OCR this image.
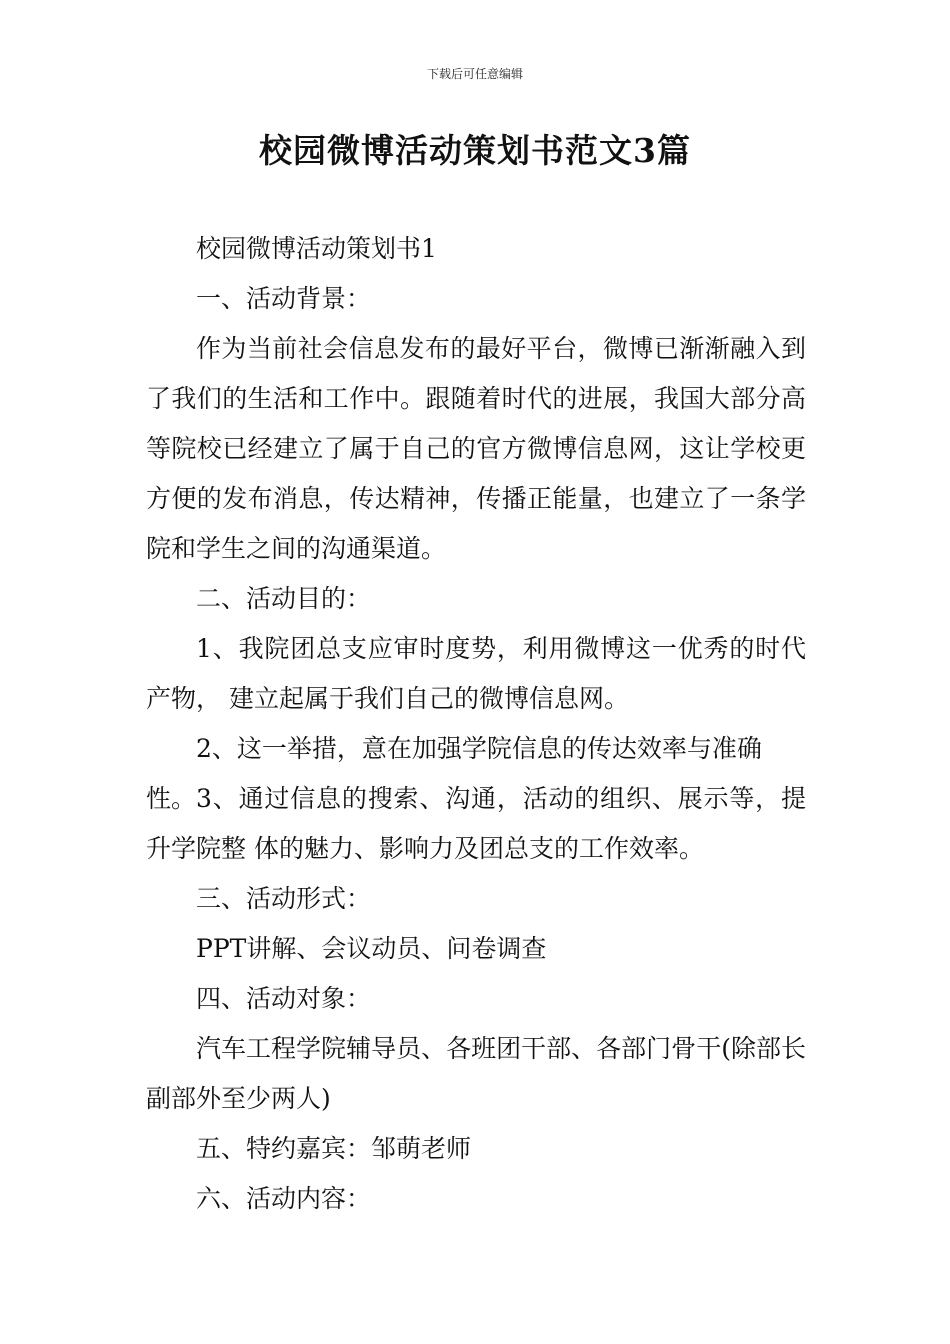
下载后可任意编辑
校园微博活动策划书范文3篇

校园微博活动策划书1

一、活动背景：

作为当前社会信息发布的最好平台，微博已渐渐融入到了我们的生活和工作中。跟随着时代的进展，我国大部分高等院校已经建立了属于自己的官方微博信息网，这让学校更方便的发布消息，传达精神，传播正能量，也建立了一条学院和学生之间的沟通渠道。

二、活动目的：

1、我院团总支应审时度势，利用微博这一优秀的时代产物， 建立起属于我们自己的微博信息网。

2、这一举措，意在加强学院信息的传达效率与准确性。 3、通过信息的搜索、沟通，活动的组织、展示等，提升学院整 体的魅力、影响力及团总支的工作效率。

三、活动形式：

PPT讲解、会议动员、问卷调查

四、活动对象：

汽车工程学院辅导员、各班团干部、各部门骨干(除部长副部外至少两人)

五、特约嘉宾：邹萌老师

六、活动内容：
